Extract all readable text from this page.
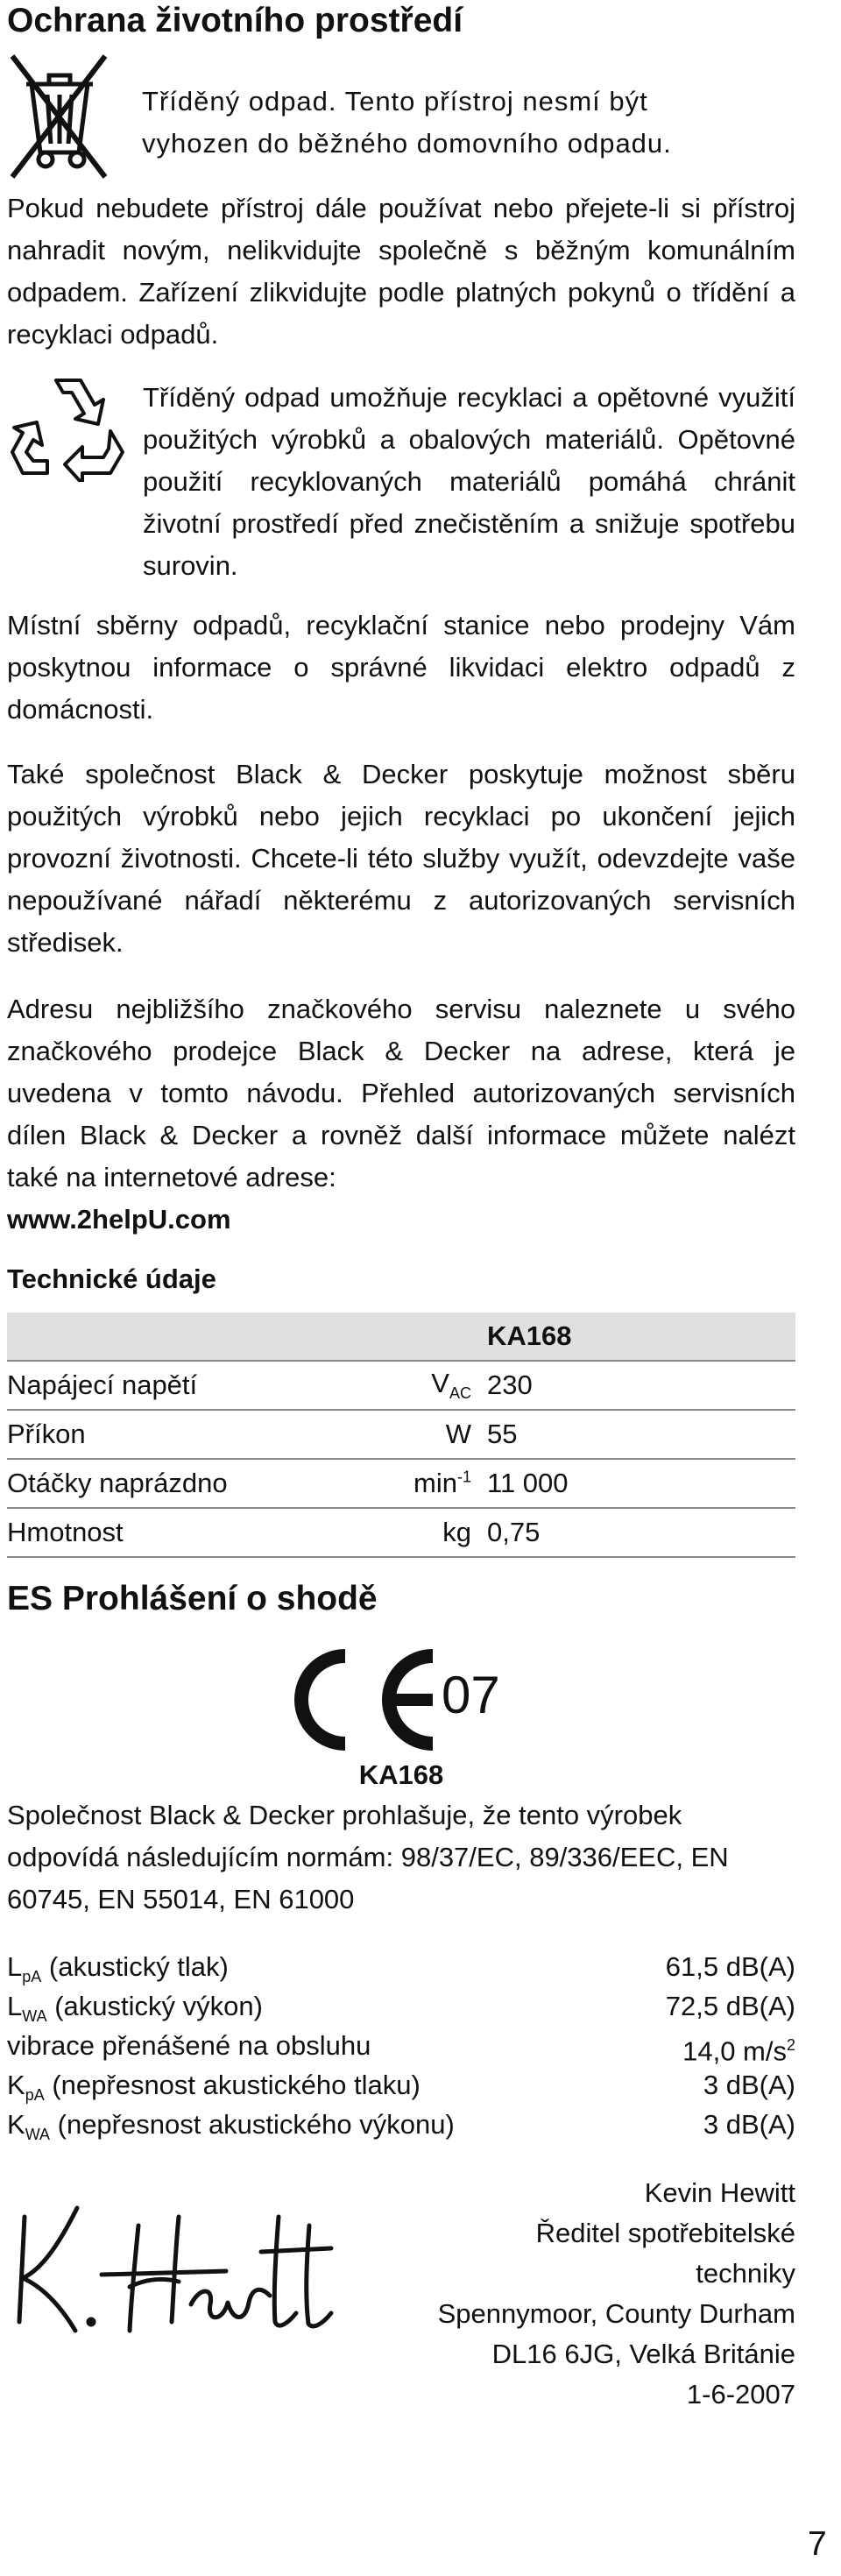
Ochrana životního prostředí
Tříděný odpad. Tento přístroj nesmí být
vyhozen do běžného domovního odpadu.
Pokud nebudete přístroj dále používat nebo přejete-li si přístroj nahradit novým, nelikvidujte společně s běžným komunálním odpadem. Zařízení zlikvidujte podle platných pokynů o třídění a recyklaci odpadů.
Tříděný odpad umožňuje recyklaci a opětovné využití použitých výrobků a obalových materiálů. Opětovné použití recyklovaných materiálů pomáhá chránit životní prostředí před znečistěním a snižuje spotřebu surovin.
Místní sběrny odpadů, recyklační stanice nebo prodejny Vám poskytnou informace o správné likvidaci elektro odpadů z domácnosti.
Také společnost Black & Decker poskytuje možnost sběru použitých výrobků nebo jejich recyklaci po ukončení jejich provozní životnosti. Chcete-li této služby využít, odevzdejte vaše nepoužívané nářadí některému z autorizovaných servisních středisek.
Adresu nejbližšího značkového servisu naleznete u svého značkového prodejce Black & Decker na adrese, která je uvedena v tomto návodu. Přehled autorizovaných servisních dílen Black & Decker a rovněž další informace můžete nalézt také na internetové adrese:
www.2helpU.com
Technické údaje
		KA168
Napájecí napětí	$V_{AC}$	230
Příkon	W	55
Otáčky naprázdno	$\min^{-1}$	11 000
Hmotnost	kg	0,75
ES Prohlášení o shodě
07
KA168
Společnost Black & Decker prohlašuje, že tento výrobek odpovídá následujícím normám: 98/37/EC, 89/336/EEC, EN 60745, EN 55014, EN 61000
$L_{pA}$ (akustický tlak)	61,5 dB(A)
$L_{WA}$ (akustický výkon)	72,5 dB(A)
vibrace přenášené na obsluhu	14,0 $m/s^2$
$K_{pA}$ (nepřesnost akustického tlaku)	3 dB(A)
$K_{WA}$ (nepřesnost akustického výkonu)	3 dB(A)
Kevin Hewitt
Ředitel spotřebitelské
techniky
Spennymoor, County Durham
DL16 6JG, Velká Británie
1-6-2007
7
